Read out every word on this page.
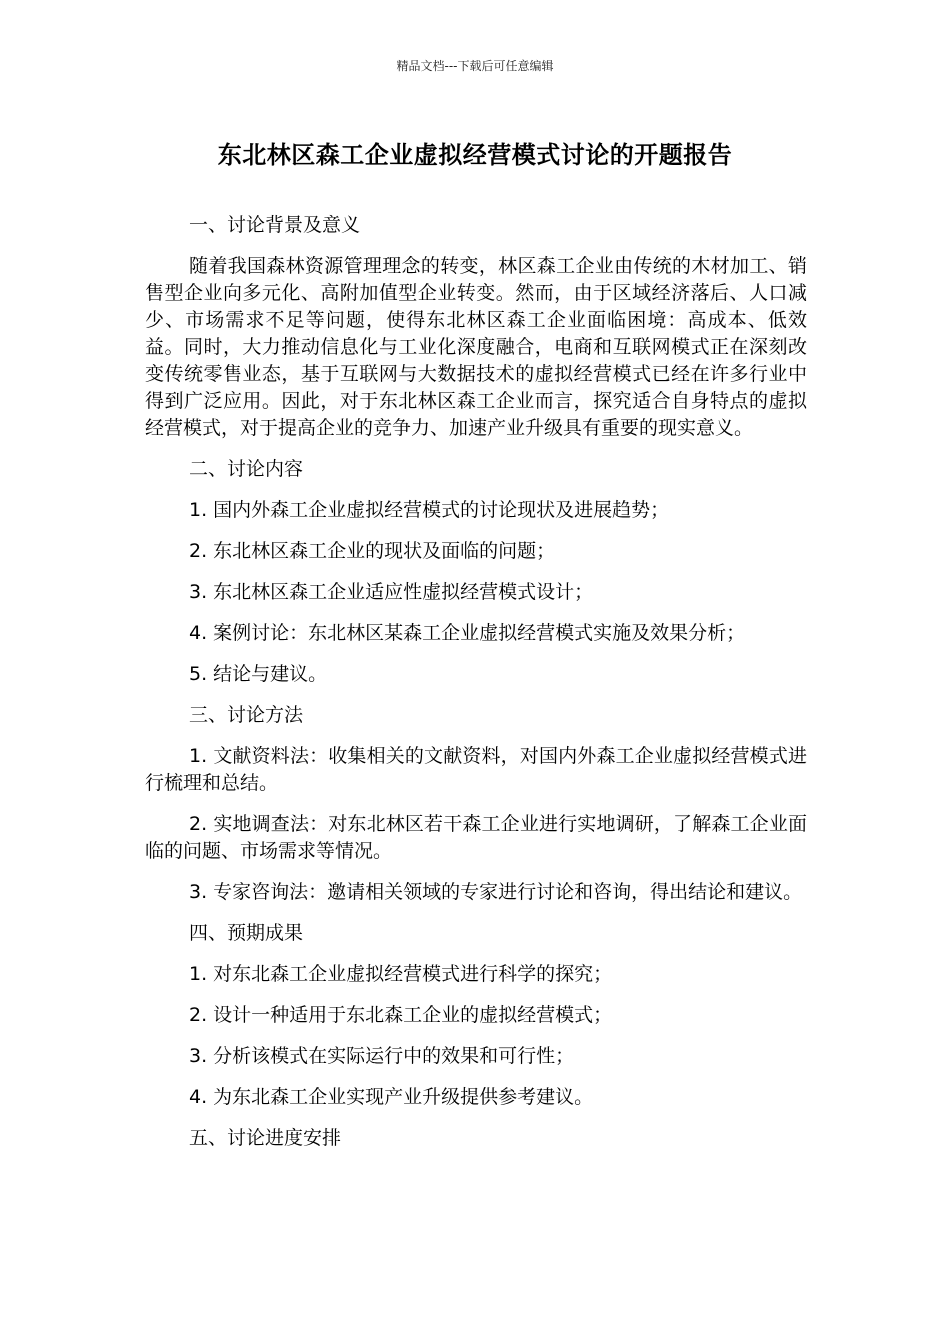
精品文档---下载后可任意编辑
东北林区森工企业虚拟经营模式讨论的开题报告

一、讨论背景及意义

随着我国森林资源管理理念的转变，林区森工企业由传统的木材加工、销售型企业向多元化、高附加值型企业转变。然而，由于区域经济落后、人口减少、市场需求不足等问题，使得东北林区森工企业面临困境：高成本、低效益。同时，大力推动信息化与工业化深度融合，电商和互联网模式正在深刻改变传统零售业态，基于互联网与大数据技术的虚拟经营模式已经在许多行业中得到广泛应用。因此，对于东北林区森工企业而言，探究适合自身特点的虚拟经营模式，对于提高企业的竞争力、加速产业升级具有重要的现实意义。

二、讨论内容

1. 国内外森工企业虚拟经营模式的讨论现状及进展趋势；

2. 东北林区森工企业的现状及面临的问题；

3. 东北林区森工企业适应性虚拟经营模式设计；

4. 案例讨论：东北林区某森工企业虚拟经营模式实施及效果分析；

5. 结论与建议。

三、讨论方法

1. 文献资料法：收集相关的文献资料，对国内外森工企业虚拟经营模式进行梳理和总结。

2. 实地调查法：对东北林区若干森工企业进行实地调研，了解森工企业面临的问题、市场需求等情况。

3. 专家咨询法：邀请相关领域的专家进行讨论和咨询，得出结论和建议。

四、预期成果

1. 对东北森工企业虚拟经营模式进行科学的探究；

2. 设计一种适用于东北森工企业的虚拟经营模式；

3. 分析该模式在实际运行中的效果和可行性；

4. 为东北森工企业实现产业升级提供参考建议。

五、讨论进度安排
